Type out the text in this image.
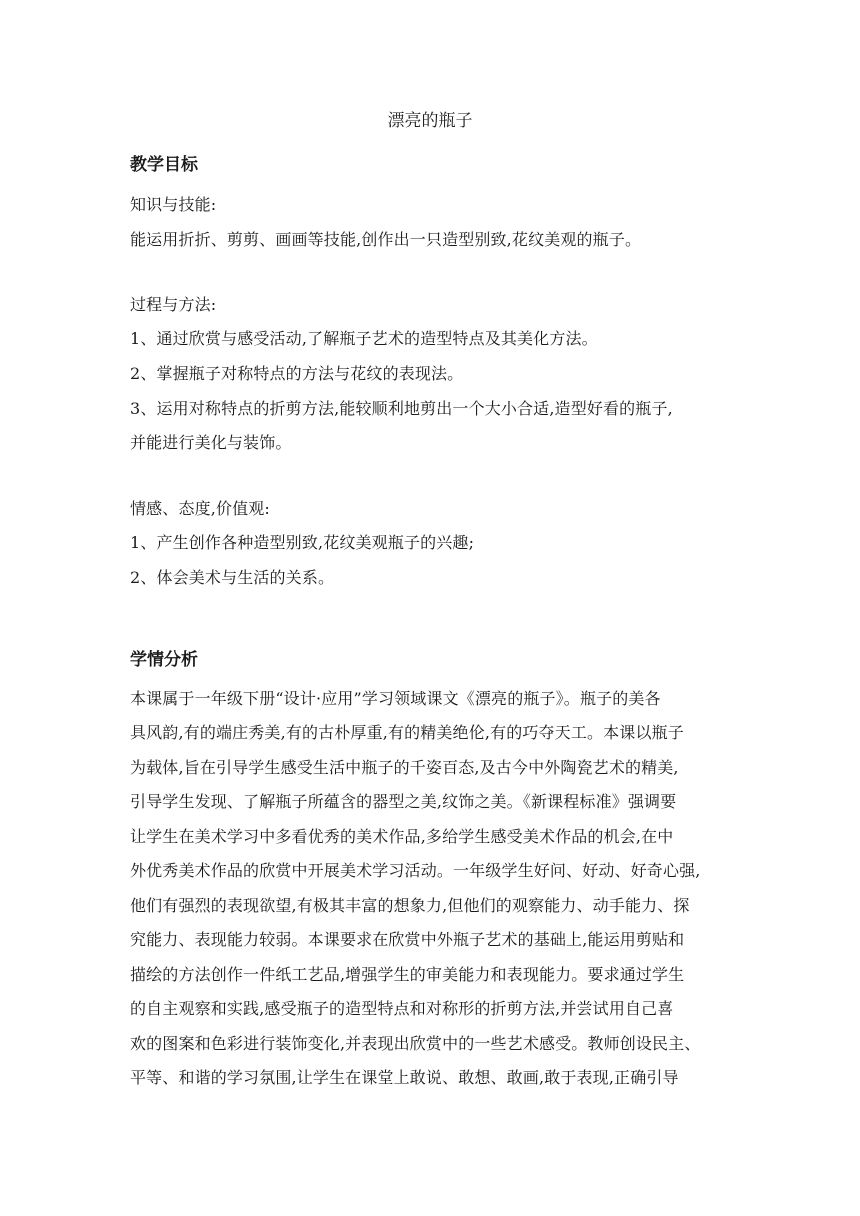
漂亮的瓶子
教学目标
知识与技能:
能运用折折、剪剪、画画等技能,创作出一只造型别致,花纹美观的瓶子。
过程与方法:
1、通过欣赏与感受活动,了解瓶子艺术的造型特点及其美化方法。
2、掌握瓶子对称特点的方法与花纹的表现法。
3、运用对称特点的折剪方法,能较顺利地剪出一个大小合适,造型好看的瓶子,
并能进行美化与装饰。
情感、态度,价值观:
1、产生创作各种造型别致,花纹美观瓶子的兴趣;
2、体会美术与生活的关系。
学情分析
本课属于一年级下册“设计·应用”学习领域课文《漂亮的瓶子》。瓶子的美各
具风韵,有的端庄秀美,有的古朴厚重,有的精美绝伦,有的巧夺天工。本课以瓶子
为载体,旨在引导学生感受生活中瓶子的千姿百态,及古今中外陶瓷艺术的精美,
引导学生发现、了解瓶子所蕴含的器型之美,纹饰之美。《新课程标准》强调要
让学生在美术学习中多看优秀的美术作品,多给学生感受美术作品的机会,在中
外优秀美术作品的欣赏中开展美术学习活动。一年级学生好问、好动、好奇心强,
他们有强烈的表现欲望,有极其丰富的想象力,但他们的观察能力、动手能力、探
究能力、表现能力较弱。本课要求在欣赏中外瓶子艺术的基础上,能运用剪贴和
描绘的方法创作一件纸工艺品,增强学生的审美能力和表现能力。要求通过学生
的自主观察和实践,感受瓶子的造型特点和对称形的折剪方法,并尝试用自己喜
欢的图案和色彩进行装饰变化,并表现出欣赏中的一些艺术感受。教师创设民主、
平等、和谐的学习氛围,让学生在课堂上敢说、敢想、敢画,敢于表现,正确引导
